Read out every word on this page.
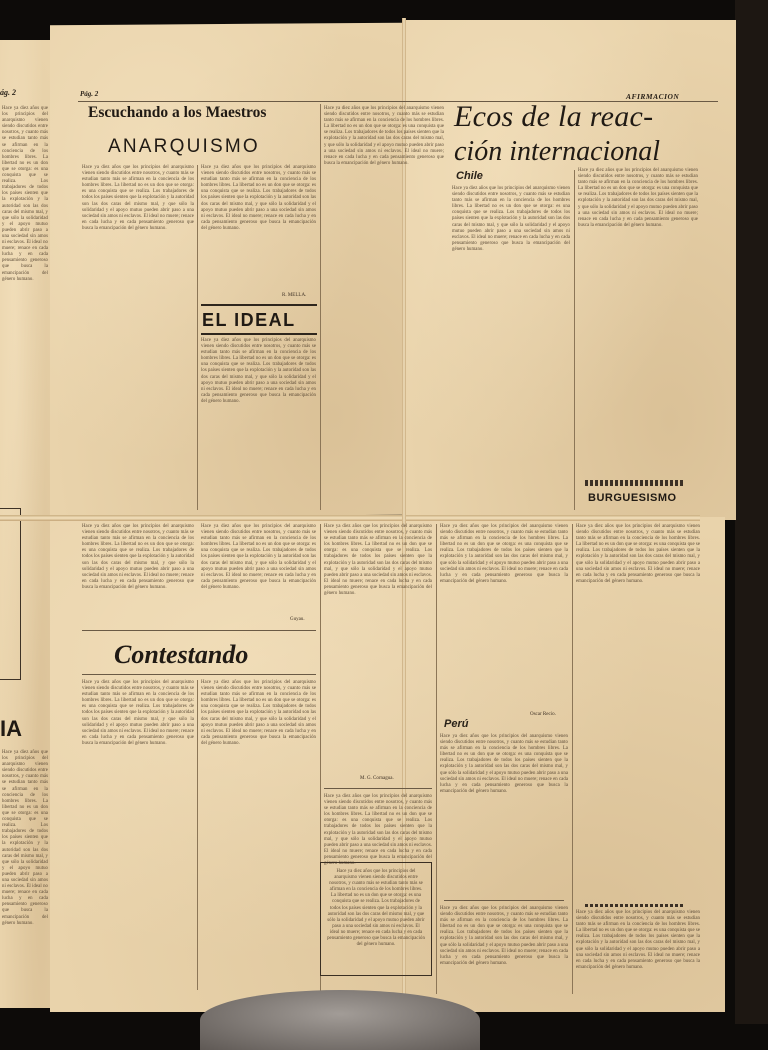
ág. 2
Hace ya diez años que los principios del anarquismo vienen siendo discutidos entre nosotros, y cuanto más se estudian tanto más se afirman en la conciencia de los hombres libres. La libertad no es un don que se otorga: es una conquista que se realiza. Los trabajadores de todos los países sienten que la explotación y la autoridad son las dos caras del mismo mal, y que sólo la solidaridad y el apoyo mutuo pueden abrir paso a una sociedad sin amos ni esclavos. El ideal no muere; renace en cada lucha y en cada pensamiento generoso que busca la emancipación del género humano.
IA
Hace ya diez años que los principios del anarquismo vienen siendo discutidos entre nosotros, y cuanto más se estudian tanto más se afirman en la conciencia de los hombres libres. La libertad no es un don que se otorga: es una conquista que se realiza. Los trabajadores de todos los países sienten que la explotación y la autoridad son las dos caras del mismo mal, y que sólo la solidaridad y el apoyo mutuo pueden abrir paso a una sociedad sin amos ni esclavos. El ideal no muere; renace en cada lucha y en cada pensamiento generoso que busca la emancipación del género humano.
Pág. 2	AFIRMACION
Escuchando a los Maestros
ANARQUISMO
Hace ya diez años que los principios del anarquismo vienen siendo discutidos entre nosotros, y cuanto más se estudian tanto más se afirman en la conciencia de los hombres libres. La libertad no es un don que se otorga: es una conquista que se realiza. Los trabajadores de todos los países sienten que la explotación y la autoridad son las dos caras del mismo mal, y que sólo la solidaridad y el apoyo mutuo pueden abrir paso a una sociedad sin amos ni esclavos. El ideal no muere; renace en cada lucha y en cada pensamiento generoso que busca la emancipación del género humano.
Hace ya diez años que los principios del anarquismo vienen siendo discutidos entre nosotros, y cuanto más se estudian tanto más se afirman en la conciencia de los hombres libres. La libertad no es un don que se otorga: es una conquista que se realiza. Los trabajadores de todos los países sienten que la explotación y la autoridad son las dos caras del mismo mal, y que sólo la solidaridad y el apoyo mutuo pueden abrir paso a una sociedad sin amos ni esclavos. El ideal no muere; renace en cada lucha y en cada pensamiento generoso que busca la emancipación del género humano.
R. MELLA.
EL IDEAL
Hace ya diez años que los principios del anarquismo vienen siendo discutidos entre nosotros, y cuanto más se estudian tanto más se afirman en la conciencia de los hombres libres. La libertad no es un don que se otorga: es una conquista que se realiza. Los trabajadores de todos los países sienten que la explotación y la autoridad son las dos caras del mismo mal, y que sólo la solidaridad y el apoyo mutuo pueden abrir paso a una sociedad sin amos ni esclavos. El ideal no muere; renace en cada lucha y en cada pensamiento generoso que busca la emancipación del género humano.
Hace ya diez años que los principios del anarquismo vienen siendo discutidos entre nosotros, y cuanto más se estudian tanto más se afirman en la conciencia de los hombres libres. La libertad no es un don que se otorga: es una conquista que se realiza. Los trabajadores de todos los países sienten que la explotación y la autoridad son las dos caras del mismo mal, y que sólo la solidaridad y el apoyo mutuo pueden abrir paso a una sociedad sin amos ni esclavos. El ideal no muere; renace en cada lucha y en cada pensamiento generoso que busca la emancipación del género humano.
Ecos de la reac-
ción internacional
Chile
Hace ya diez años que los principios del anarquismo vienen siendo discutidos entre nosotros, y cuanto más se estudian tanto más se afirman en la conciencia de los hombres libres. La libertad no es un don que se otorga: es una conquista que se realiza. Los trabajadores de todos los países sienten que la explotación y la autoridad son las dos caras del mismo mal, y que sólo la solidaridad y el apoyo mutuo pueden abrir paso a una sociedad sin amos ni esclavos. El ideal no muere; renace en cada lucha y en cada pensamiento generoso que busca la emancipación del género humano.
Hace ya diez años que los principios del anarquismo vienen siendo discutidos entre nosotros, y cuanto más se estudian tanto más se afirman en la conciencia de los hombres libres. La libertad no es un don que se otorga: es una conquista que se realiza. Los trabajadores de todos los países sienten que la explotación y la autoridad son las dos caras del mismo mal, y que sólo la solidaridad y el apoyo mutuo pueden abrir paso a una sociedad sin amos ni esclavos. El ideal no muere; renace en cada lucha y en cada pensamiento generoso que busca la emancipación del género humano.
BURGUESISMO
Hace ya diez años que los principios del anarquismo vienen siendo discutidos entre nosotros, y cuanto más se estudian tanto más se afirman en la conciencia de los hombres libres. La libertad no es un don que se otorga: es una conquista que se realiza. Los trabajadores de todos los países sienten que la explotación y la autoridad son las dos caras del mismo mal, y que sólo la solidaridad y el apoyo mutuo pueden abrir paso a una sociedad sin amos ni esclavos. El ideal no muere; renace en cada lucha y en cada pensamiento generoso que busca la emancipación del género humano.
Hace ya diez años que los principios del anarquismo vienen siendo discutidos entre nosotros, y cuanto más se estudian tanto más se afirman en la conciencia de los hombres libres. La libertad no es un don que se otorga: es una conquista que se realiza. Los trabajadores de todos los países sienten que la explotación y la autoridad son las dos caras del mismo mal, y que sólo la solidaridad y el apoyo mutuo pueden abrir paso a una sociedad sin amos ni esclavos. El ideal no muere; renace en cada lucha y en cada pensamiento generoso que busca la emancipación del género humano.
Hace ya diez años que los principios del anarquismo vienen siendo discutidos entre nosotros, y cuanto más se estudian tanto más se afirman en la conciencia de los hombres libres. La libertad no es un don que se otorga: es una conquista que se realiza. Los trabajadores de todos los países sienten que la explotación y la autoridad son las dos caras del mismo mal, y que sólo la solidaridad y el apoyo mutuo pueden abrir paso a una sociedad sin amos ni esclavos. El ideal no muere; renace en cada lucha y en cada pensamiento generoso que busca la emancipación del género humano.
Guyau.
Contestando
Hace ya diez años que los principios del anarquismo vienen siendo discutidos entre nosotros, y cuanto más se estudian tanto más se afirman en la conciencia de los hombres libres. La libertad no es un don que se otorga: es una conquista que se realiza. Los trabajadores de todos los países sienten que la explotación y la autoridad son las dos caras del mismo mal, y que sólo la solidaridad y el apoyo mutuo pueden abrir paso a una sociedad sin amos ni esclavos. El ideal no muere; renace en cada lucha y en cada pensamiento generoso que busca la emancipación del género humano.
Hace ya diez años que los principios del anarquismo vienen siendo discutidos entre nosotros, y cuanto más se estudian tanto más se afirman en la conciencia de los hombres libres. La libertad no es un don que se otorga: es una conquista que se realiza. Los trabajadores de todos los países sienten que la explotación y la autoridad son las dos caras del mismo mal, y que sólo la solidaridad y el apoyo mutuo pueden abrir paso a una sociedad sin amos ni esclavos. El ideal no muere; renace en cada lucha y en cada pensamiento generoso que busca la emancipación del género humano.
Hace ya diez años que los principios del anarquismo vienen siendo discutidos entre nosotros, y cuanto más se estudian tanto más se afirman en la conciencia de los hombres libres. La libertad no es un don que se otorga: es una conquista que se realiza. Los trabajadores de todos los países sienten que la explotación y la autoridad son las dos caras del mismo mal, y que sólo la solidaridad y el apoyo mutuo pueden abrir paso a una sociedad sin amos ni esclavos. El ideal no muere; renace en cada lucha y en cada pensamiento generoso que busca la emancipación del género humano.
M. G. Cornagua.
Hace ya diez años que los principios del anarquismo vienen siendo discutidos entre nosotros, y cuanto más se estudian tanto más se afirman en la conciencia de los hombres libres. La libertad no es un don que se otorga: es una conquista que se realiza. Los trabajadores de todos los países sienten que la explotación y la autoridad son las dos caras del mismo mal, y que sólo la solidaridad y el apoyo mutuo pueden abrir paso a una sociedad sin amos ni esclavos. El ideal no muere; renace en cada lucha y en cada pensamiento generoso que busca la emancipación del género humano.
Hace ya diez años que los principios del anarquismo vienen siendo discutidos entre nosotros, y cuanto más se estudian tanto más se afirman en la conciencia de los hombres libres. La libertad no es un don que se otorga: es una conquista que se realiza. Los trabajadores de todos los países sienten que la explotación y la autoridad son las dos caras del mismo mal, y que sólo la solidaridad y el apoyo mutuo pueden abrir paso a una sociedad sin amos ni esclavos. El ideal no muere; renace en cada lucha y en cada pensamiento generoso que busca la emancipación del género humano.
Hace ya diez años que los principios del anarquismo vienen siendo discutidos entre nosotros, y cuanto más se estudian tanto más se afirman en la conciencia de los hombres libres. La libertad no es un don que se otorga: es una conquista que se realiza. Los trabajadores de todos los países sienten que la explotación y la autoridad son las dos caras del mismo mal, y que sólo la solidaridad y el apoyo mutuo pueden abrir paso a una sociedad sin amos ni esclavos. El ideal no muere; renace en cada lucha y en cada pensamiento generoso que busca la emancipación del género humano.
Oscar Recio.
Perú
Hace ya diez años que los principios del anarquismo vienen siendo discutidos entre nosotros, y cuanto más se estudian tanto más se afirman en la conciencia de los hombres libres. La libertad no es un don que se otorga: es una conquista que se realiza. Los trabajadores de todos los países sienten que la explotación y la autoridad son las dos caras del mismo mal, y que sólo la solidaridad y el apoyo mutuo pueden abrir paso a una sociedad sin amos ni esclavos. El ideal no muere; renace en cada lucha y en cada pensamiento generoso que busca la emancipación del género humano.
Hace ya diez años que los principios del anarquismo vienen siendo discutidos entre nosotros, y cuanto más se estudian tanto más se afirman en la conciencia de los hombres libres. La libertad no es un don que se otorga: es una conquista que se realiza. Los trabajadores de todos los países sienten que la explotación y la autoridad son las dos caras del mismo mal, y que sólo la solidaridad y el apoyo mutuo pueden abrir paso a una sociedad sin amos ni esclavos. El ideal no muere; renace en cada lucha y en cada pensamiento generoso que busca la emancipación del género humano.
Hace ya diez años que los principios del anarquismo vienen siendo discutidos entre nosotros, y cuanto más se estudian tanto más se afirman en la conciencia de los hombres libres. La libertad no es un don que se otorga: es una conquista que se realiza. Los trabajadores de todos los países sienten que la explotación y la autoridad son las dos caras del mismo mal, y que sólo la solidaridad y el apoyo mutuo pueden abrir paso a una sociedad sin amos ni esclavos. El ideal no muere; renace en cada lucha y en cada pensamiento generoso que busca la emancipación del género humano.
